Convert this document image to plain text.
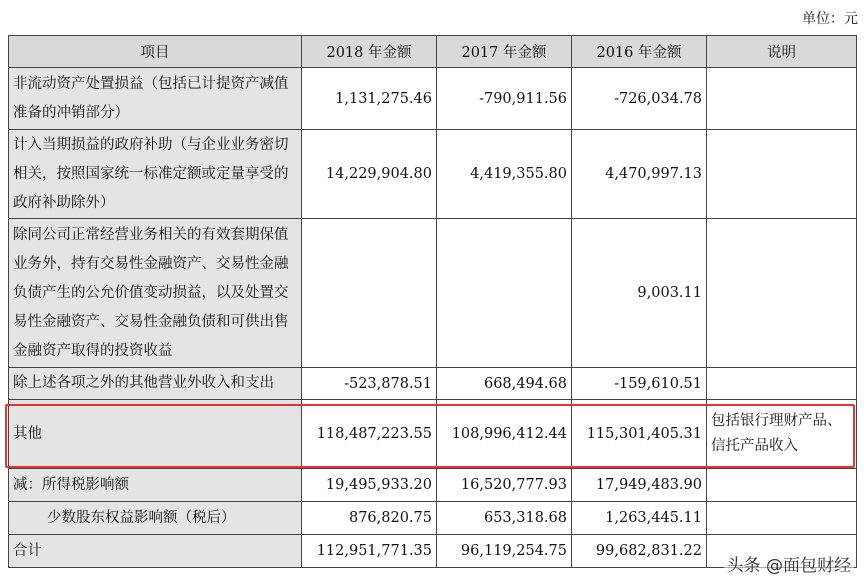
单位：元
项目	2018 年金额	2017 年金额	2016 年金额	说明
非流动资产处置损益（包括已计提资产减值准备的冲销部分）	1,131,275.46	-790,911.56	-726,034.78	
计入当期损益的政府补助（与企业业务密切相关，按照国家统一标准定额或定量享受的政府补助除外）	14,229,904.80	4,419,355.80	4,470,997.13	
除同公司正常经营业务相关的有效套期保值业务外，持有交易性金融资产、交易性金融负债产生的公允价值变动损益，以及处置交易性金融资产、交易性金融负债和可供出售金融资产取得的投资收益			9,003.11	
除上述各项之外的其他营业外收入和支出	-523,878.51	668,494.68	-159,610.51	
其他	118,487,223.55	108,996,412.44	115,301,405.31	包括银行理财产品、信托产品收入
减：所得税影响额	19,495,933.20	16,520,777.93	17,949,483.90	
少数股东权益影响额（税后）	876,820.75	653,318.68	1,263,445.11	
合计	112,951,771.35	96,119,254.75	99,682,831.22	
头条 @面包财经
